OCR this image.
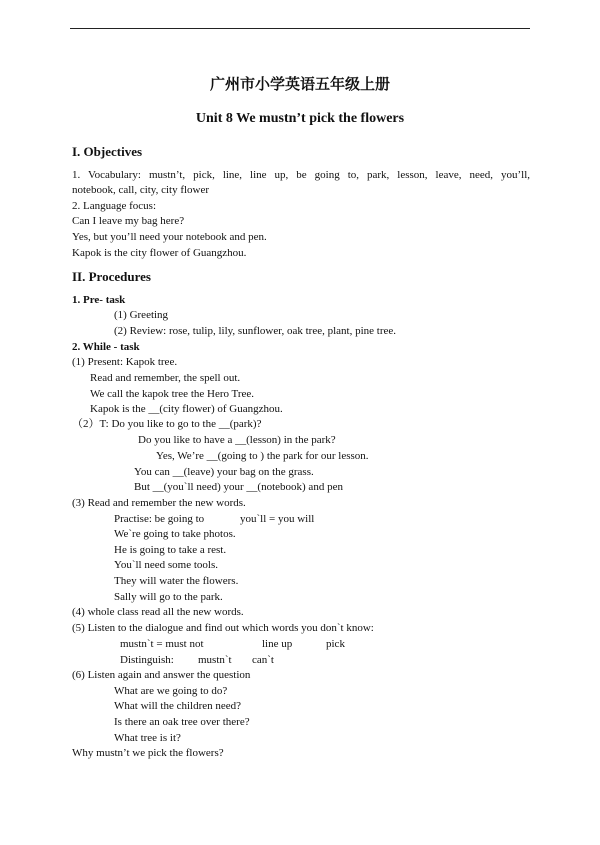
广州市小学英语五年级上册
Unit 8 We mustn’t pick the flowers
I. Objectives
1. Vocabulary: mustn’t, pick, line, line up, be going to, park, lesson, leave, need, you’ll,
notebook, call, city, city flower
2. Language focus:
Can I leave my bag here?
Yes, but you’ll need your notebook and pen.
Kapok is the city flower of Guangzhou.
II. Procedures
1. Pre- task
(1) Greeting
(2) Review: rose, tulip, lily, sunflower, oak tree, plant, pine tree.
2. While - task
(1) Present: Kapok tree.
Read and remember, the spell out.
We call the kapok tree the Hero Tree.
Kapok is the __(city flower) of Guangzhou.
（2）T: Do you like to go to the __(park)?
Do you like to have a __(lesson) in the park?
Yes, We’re __(going to ) the park for our lesson.
You can __(leave) your bag on the grass.
But __(you`ll need) your __(notebook) and pen
(3) Read and remember the new words.
Practise: be going to	you`ll = you will
We`re going to take photos.
He is going to take a rest.
You`ll need some tools.
They will water the flowers.
Sally will go to the park.
(4) whole class read all the new words.
(5) Listen to the dialogue and find out which words you don`t know:
mustn`t = must not	line up	pick
Distinguish: mustn`t can`t
(6) Listen again and answer the question
What are we going to do?
What will the children need?
Is there an oak tree over there?
What tree is it?
Why mustn’t we pick the flowers?
